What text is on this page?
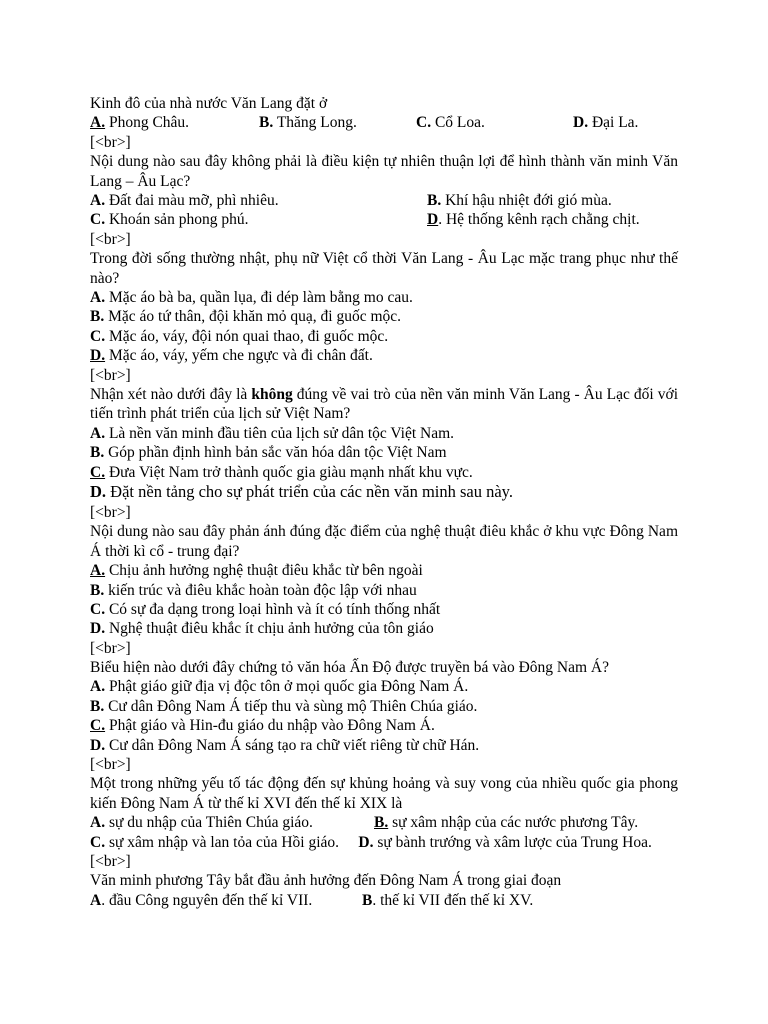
Kinh đô của nhà nước Văn Lang đặt ở
A. Phong Châu.	B. Thăng Long.	C. Cổ Loa.	D. Đại La.
[<br>]
Nội dung nào sau đây không phải là điều kiện tự nhiên thuận lợi để hình thành văn minh Văn Lang – Âu Lạc?
A. Đất đai màu mỡ, phì nhiêu.	B. Khí hậu nhiệt đới gió mùa.
C. Khoán sản phong phú.	D. Hệ thống kênh rạch chằng chịt.
[<br>]
Trong đời sống thường nhật, phụ nữ Việt cổ thời Văn Lang - Âu Lạc mặc trang phục như thế nào?
A. Mặc áo bà ba, quần lụa, đi dép làm bằng mo cau.
B. Mặc áo tứ thân, đội khăn mỏ quạ, đi guốc mộc.
C. Mặc áo, váy, đội nón quai thao, đi guốc mộc.
D. Mặc áo, váy, yếm che ngực và đi chân đất.
[<br>]
Nhận xét nào dưới đây là không đúng về vai trò của nền văn minh Văn Lang - Âu Lạc đối với tiến trình phát triển của lịch sử Việt Nam?
A. Là nền văn minh đầu tiên của lịch sử dân tộc Việt Nam.
B. Góp phần định hình bản sắc văn hóa dân tộc Việt Nam
C. Đưa Việt Nam trở thành quốc gia giàu mạnh nhất khu vực.
D. Đặt nền tảng cho sự phát triển của các nền văn minh sau này.
[<br>]
Nội dung nào sau đây phản ánh đúng đặc điểm của nghệ thuật điêu khắc ở khu vực Đông Nam Á thời kì cổ - trung đại?
A. Chịu ảnh hưởng nghệ thuật điêu khắc từ bên ngoài
B. kiến trúc và điêu khắc hoàn toàn độc lập với nhau
C. Có sự đa dạng trong loại hình và ít có tính thống nhất
D. Nghệ thuật điêu khắc ít chịu ảnh hưởng của tôn giáo
[<br>]
Biểu hiện nào dưới đây chứng tỏ văn hóa Ấn Độ được truyền bá vào Đông Nam Á?
A. Phật giáo giữ địa vị độc tôn ở mọi quốc gia Đông Nam Á.
B. Cư dân Đông Nam Á tiếp thu và sùng mộ Thiên Chúa giáo.
C. Phật giáo và Hin-đu giáo du nhập vào Đông Nam Á.
D. Cư dân Đông Nam Á sáng tạo ra chữ viết riêng từ chữ Hán.
[<br>]
Một trong những yếu tố tác động đến sự khủng hoảng và suy vong của nhiều quốc gia phong kiến Đông Nam Á từ thế kỉ XVI đến thế kỉ XIX là
A. sự du nhập của Thiên Chúa giáo.	B. sự xâm nhập của các nước phương Tây.
C. sự xâm nhập và lan tỏa của Hồi giáo. D. sự bành trướng và xâm lược của Trung Hoa.
[<br>]
Văn minh phương Tây bắt đầu ảnh hưởng đến Đông Nam Á trong giai đoạn
A. đầu Công nguyên đến thế kỉ VII.	B. thế kỉ VII đến thế kỉ XV.
